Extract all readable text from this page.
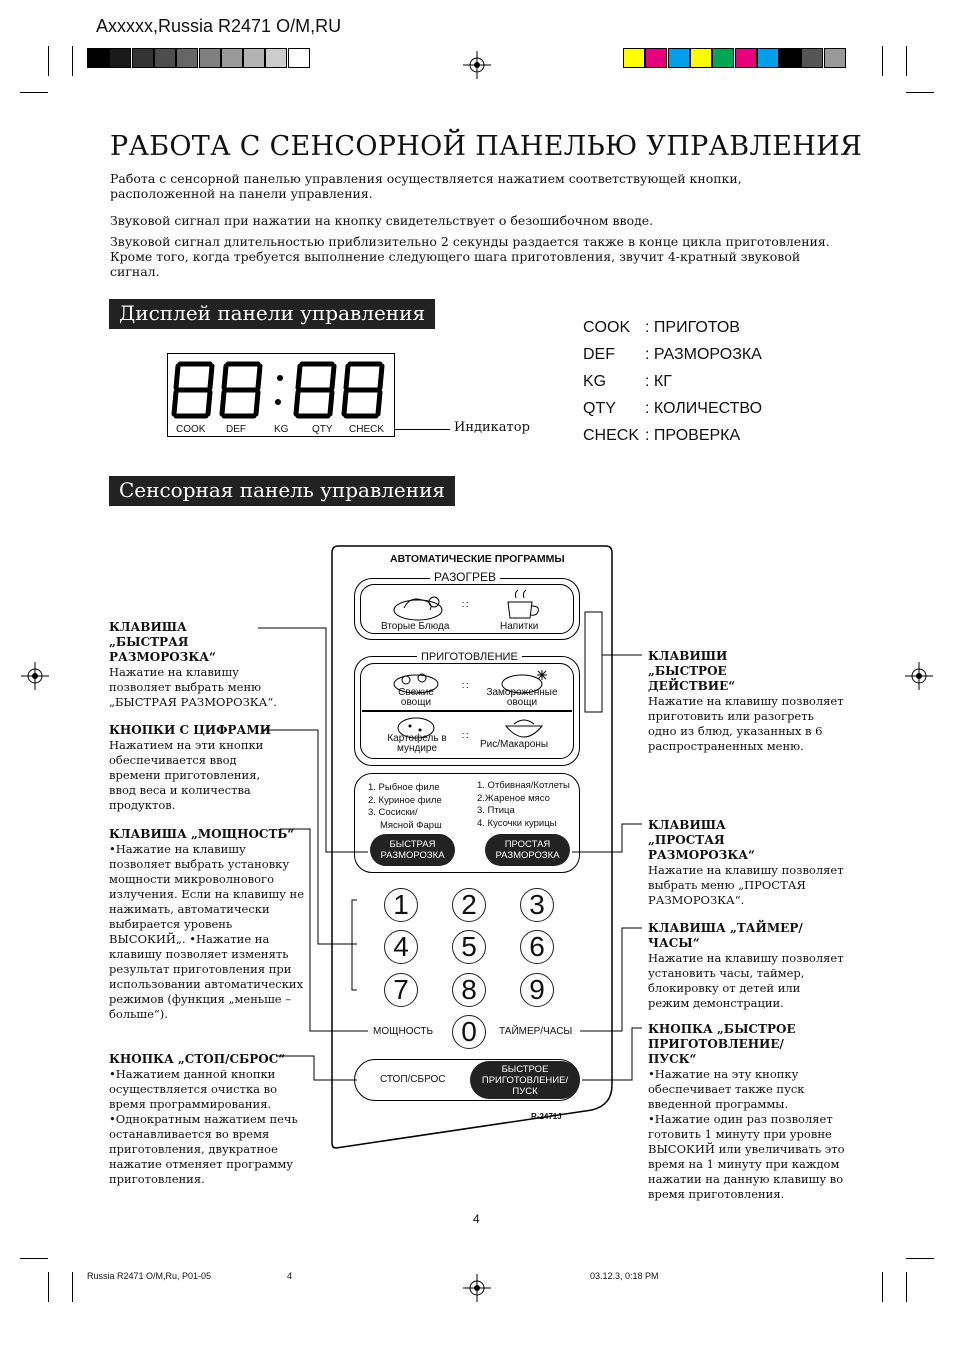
Axxxxx,Russia R2471 O/M,RU
РАБОТА С СЕНСОРНОЙ ПАНЕЛЬЮ УПРАВЛЕНИЯ
Работа с сенсорной панелью управления осуществляется нажатием соответствующей кнопки, расположенной на панели управления.
Звуковой сигнал при нажатии на кнопку свидетельствует о безошибочном вводе.
Звуковой сигнал длительностью приблизительно 2 секунды раздается также в конце цикла приготовления. Кроме того, когда требуется выполнение следующего шага приготовления, звучит 4-кратный звуковой сигнал.
Дисплей панели управления
COOK DEF	KG QTY CHECK	Индикатор
COOK : ПРИГОТОВ
DEF	: РАЗМОРОЗКА
KG	: КГ
QTY	: КОЛИЧЕСТВО
CHECK : ПРОВЕРКА
Сенсорная панель управления
АВТОМАТИЧЕСКИЕ ПРОГРАММЫ
РАЗОГРЕВ
Вторые Блюда	Напитки
∷
ПРИГОТОВЛЕНИЕ
Свежие овощи
Замороженные овощи
Картофель в мундире	Рис/Макароны
∷
∷
1. Рыбное филе
2. Куриное филе
3. Сосиски/
Мясной Фарш
1. Отбивная/Котлеты
2.Жареное мясо
3. Птица
4. Кусочки курицы
БЫСТРАЯ РАЗМОРОЗКА
ПРОСТАЯ РАЗМОРОЗКА
1	2	3
4	5	6
7	8	9
0
МОЩНОСТЬ	ТАЙМЕР/ЧАСЫ
СТОП/СБРОС
БЫСТРОЕ ПРИГОТОВЛЕНИЕ/ ПУСК
R-2471J
КЛАВИША „БЫСТРАЯ РАЗМОРОЗКА“
Нажатие на клавишу позволяет выбрать меню „БЫСТРАЯ РАЗМОРОЗКА“.
КНОПКИ С ЦИФРАМИ
Нажатием на эти кнопки обеспечивается ввод времени приготовления, ввод веса и количества продуктов.
КЛАВИША „МОЩНОСТЬ“
•Нажатие на клавишу позволяет выбрать установку мощности микроволнового излучения. Если на клавишу не нажимать, автоматически выбирается уровень ВЫСОКИЙ„. •Нажатие на клавишу позволяет изменять результат приготовления при использовании автоматических режимов (функция „меньше – больше“).
КНОПКА „СТОП/СБРОС“
•Нажатием данной кнопки осуществляется очистка во время программирования. •Однократным нажатием печь останавливается во время приготовления, двукратное нажатие отменяет программу приготовления.
КЛАВИШИ „БЫСТРОЕ ДЕЙСТВИЕ“
Нажатие на клавишу позволяет приготовить или разогреть одно из блюд, указанных в 6 распространенных меню.
КЛАВИША „ПРОСТАЯ РАЗМОРОЗКА“
Нажатие на клавишу позволяет выбрать меню „ПРОСТАЯ РАЗМОРОЗКА“.
КЛАВИША „ТАЙМЕР/ЧАСЫ“
Нажатие на клавишу позволяет установить часы, таймер, блокировку от детей или режим демонстрации.
КНОПКА „БЫСТРОЕ ПРИГОТОВЛЕНИЕ/ПУСК“
•Нажатие на эту кнопку обеспечивает также пуск введенной программы. •Нажатие один раз позволяет готовить 1 минуту при уровне ВЫСОКИЙ или увеличивать это время на 1 минуту при каждом нажатии на данную клавишу во время приготовления.
4
Russia R2471 O/M,Ru, P01-05	4	03.12.3, 0:18 PM
